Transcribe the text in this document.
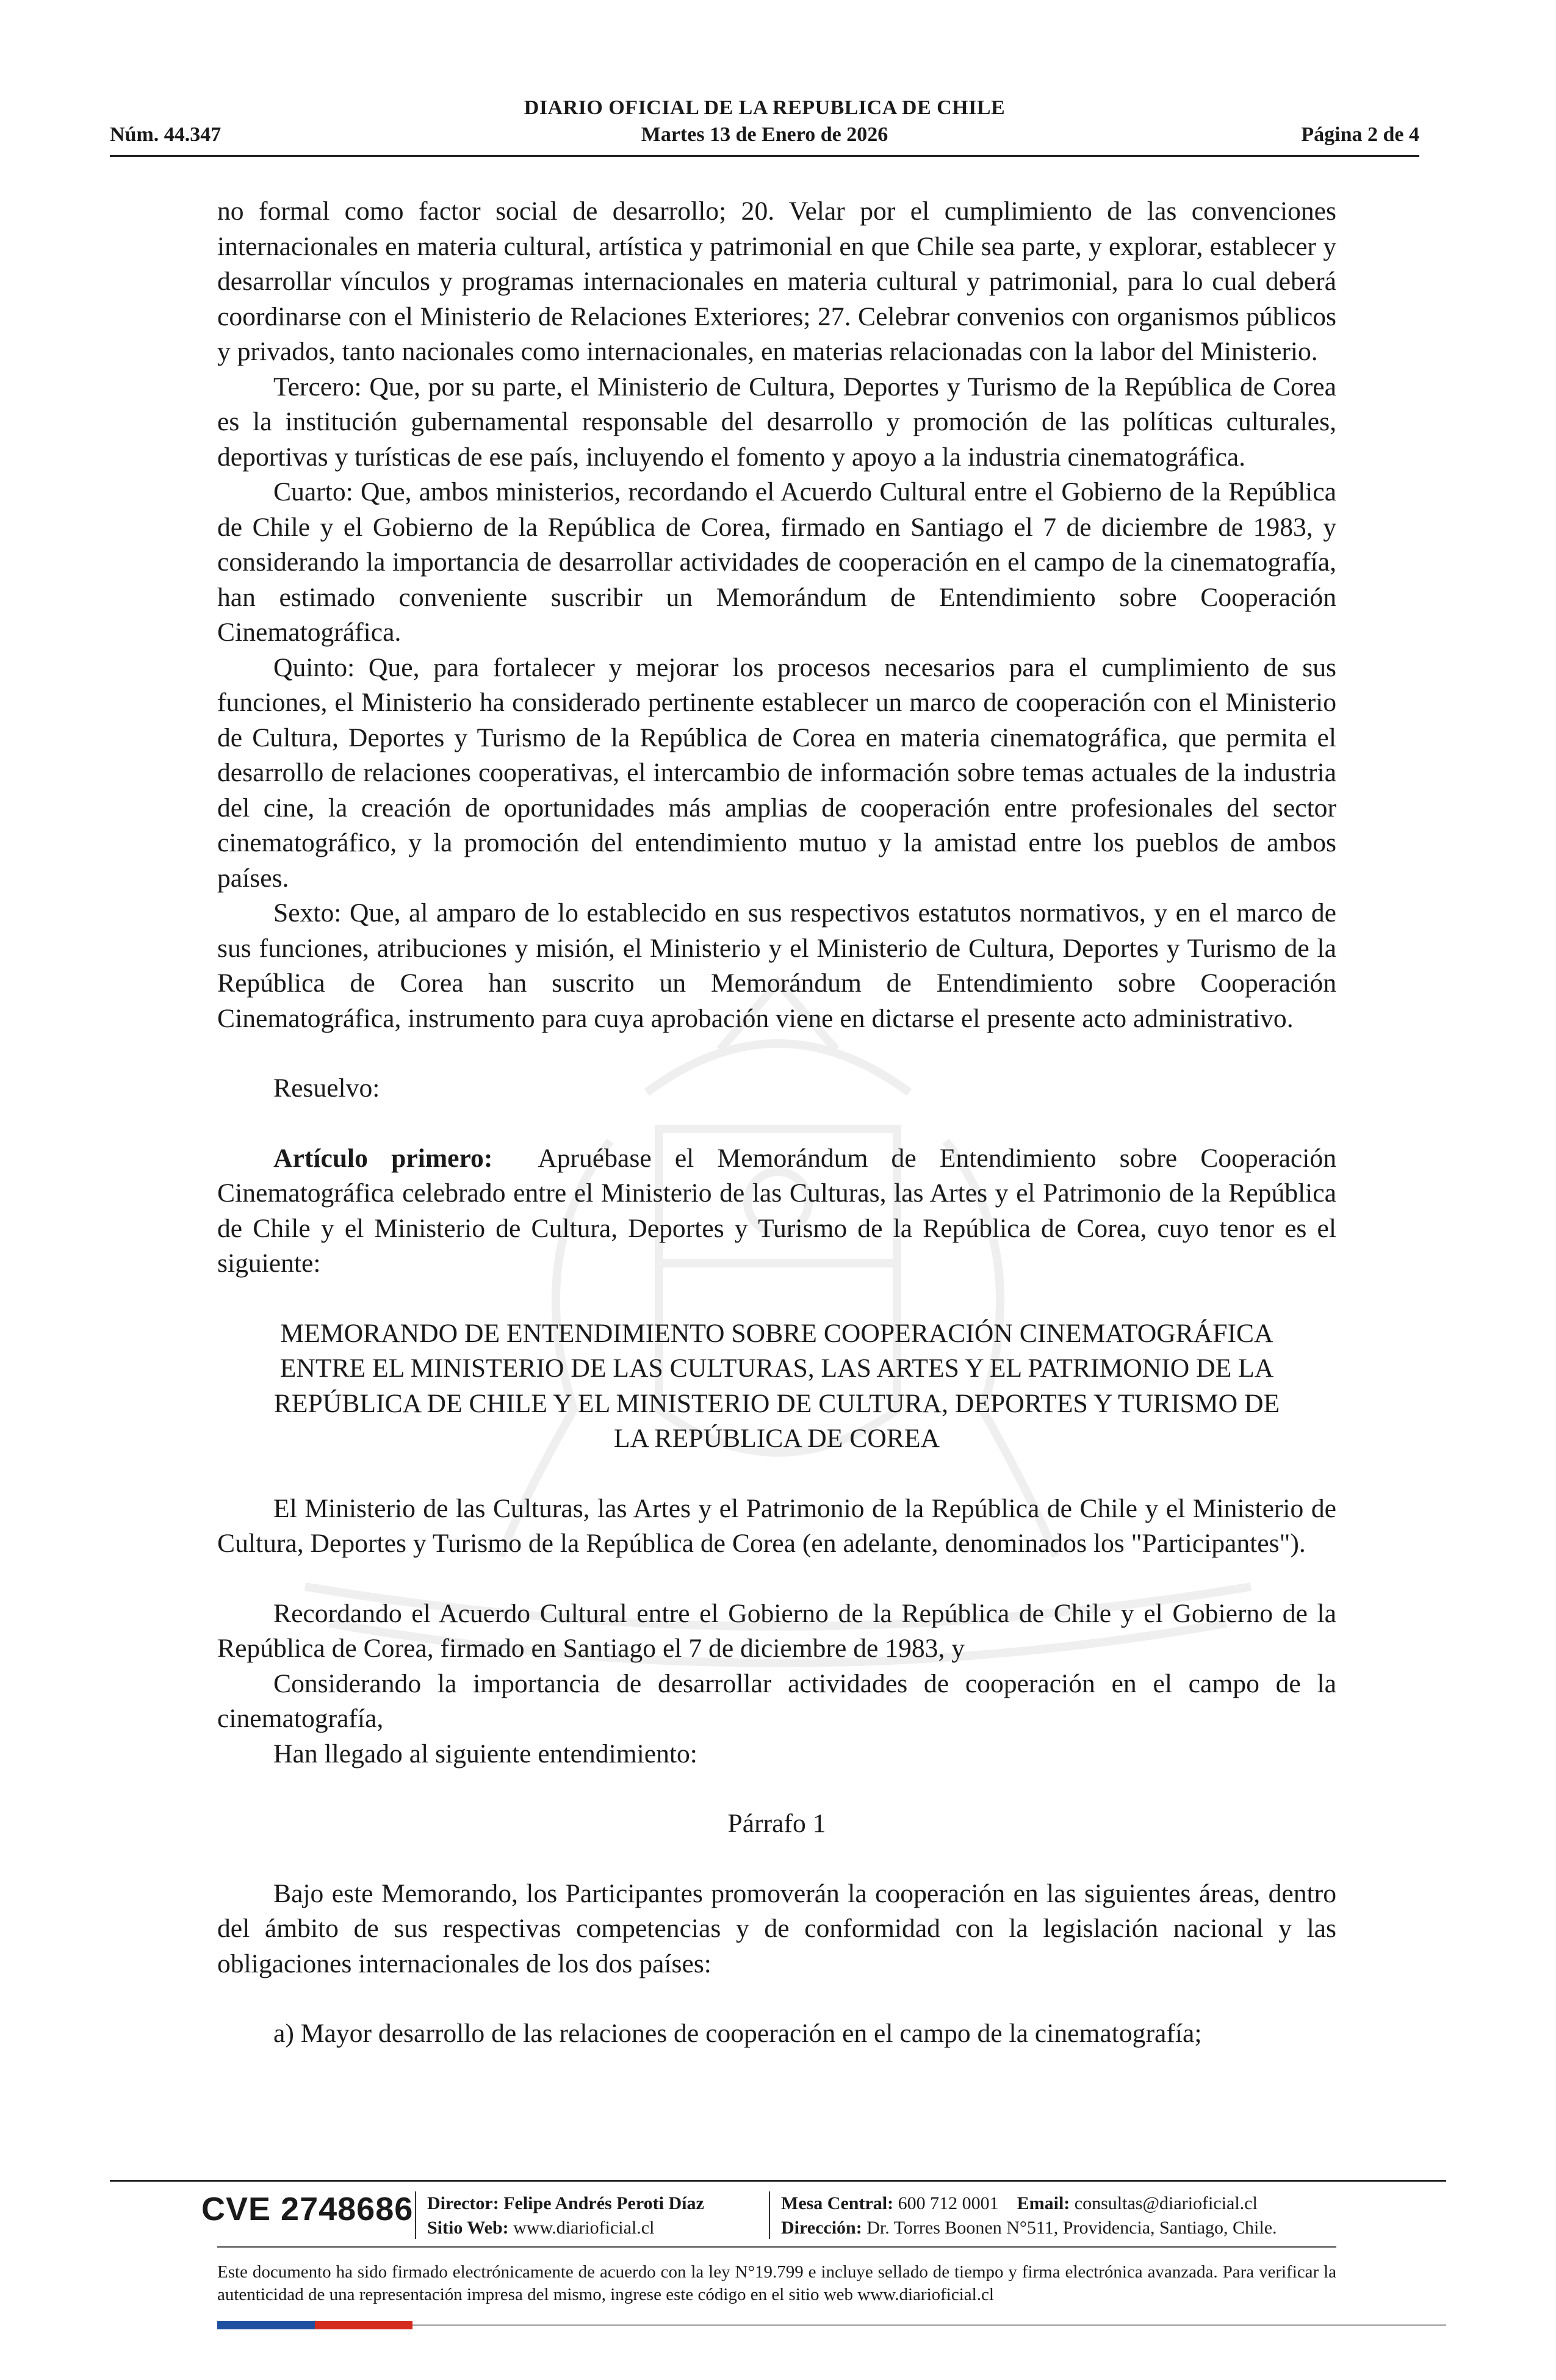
DIARIO OFICIAL DE LA REPUBLICA DE CHILE
Núm. 44.347	Martes 13 de Enero de 2026	Página 2 de 4

no formal como factor social de desarrollo; 20. Velar por el cumplimiento de las convenciones internacionales en materia cultural, artística y patrimonial en que Chile sea parte, y explorar, establecer y desarrollar vínculos y programas internacionales en materia cultural y patrimonial, para lo cual deberá coordinarse con el Ministerio de Relaciones Exteriores; 27. Celebrar convenios con organismos públicos y privados, tanto nacionales como internacionales, en materias relacionadas con la labor del Ministerio.

Tercero: Que, por su parte, el Ministerio de Cultura, Deportes y Turismo de la República de Corea es la institución gubernamental responsable del desarrollo y promoción de las políticas culturales, deportivas y turísticas de ese país, incluyendo el fomento y apoyo a la industria cinematográfica.

Cuarto: Que, ambos ministerios, recordando el Acuerdo Cultural entre el Gobierno de la República de Chile y el Gobierno de la República de Corea, firmado en Santiago el 7 de diciembre de 1983, y considerando la importancia de desarrollar actividades de cooperación en el campo de la cinematografía, han estimado conveniente suscribir un Memorándum de Entendimiento sobre Cooperación Cinematográfica.

Quinto: Que, para fortalecer y mejorar los procesos necesarios para el cumplimiento de sus funciones, el Ministerio ha considerado pertinente establecer un marco de cooperación con el Ministerio de Cultura, Deportes y Turismo de la República de Corea en materia cinematográfica, que permita el desarrollo de relaciones cooperativas, el intercambio de información sobre temas actuales de la industria del cine, la creación de oportunidades más amplias de cooperación entre profesionales del sector cinematográfico, y la promoción del entendimiento mutuo y la amistad entre los pueblos de ambos países.

Sexto: Que, al amparo de lo establecido en sus respectivos estatutos normativos, y en el marco de sus funciones, atribuciones y misión, el Ministerio y el Ministerio de Cultura, Deportes y Turismo de la República de Corea han suscrito un Memorándum de Entendimiento sobre Cooperación Cinematográfica, instrumento para cuya aprobación viene en dictarse el presente acto administrativo.

Resuelvo:

Artículo primero: Apruébase el Memorándum de Entendimiento sobre Cooperación Cinematográfica celebrado entre el Ministerio de las Culturas, las Artes y el Patrimonio de la República de Chile y el Ministerio de Cultura, Deportes y Turismo de la República de Corea, cuyo tenor es el siguiente:

MEMORANDO DE ENTENDIMIENTO SOBRE COOPERACIÓN CINEMATOGRÁFICA

ENTRE EL MINISTERIO DE LAS CULTURAS, LAS ARTES Y EL PATRIMONIO DE LA

REPÚBLICA DE CHILE Y EL MINISTERIO DE CULTURA, DEPORTES Y TURISMO DE

LA REPÚBLICA DE COREA

El Ministerio de las Culturas, las Artes y el Patrimonio de la República de Chile y el Ministerio de Cultura, Deportes y Turismo de la República de Corea (en adelante, denominados los "Participantes").

Recordando el Acuerdo Cultural entre el Gobierno de la República de Chile y el Gobierno de la República de Corea, firmado en Santiago el 7 de diciembre de 1983, y

Considerando la importancia de desarrollar actividades de cooperación en el campo de la cinematografía,

Han llegado al siguiente entendimiento:

Párrafo 1

Bajo este Memorando, los Participantes promoverán la cooperación en las siguientes áreas, dentro del ámbito de sus respectivas competencias y de conformidad con la legislación nacional y las obligaciones internacionales de los dos países:

a) Mayor desarrollo de las relaciones de cooperación en el campo de la cinematografía;

CVE 2748686 Director: Felipe Andrés Peroti Díaz
Sitio Web: www.diarioficial.cl
Mesa Central: 600 712 0001 Email: consultas@diarioficial.cl
Dirección: Dr. Torres Boonen N°511, Providencia, Santiago, Chile.
Este documento ha sido firmado electrónicamente de acuerdo con la ley N°19.799 e incluye sellado de tiempo y firma electrónica avanzada. Para verificar la autenticidad de una representación impresa del mismo, ingrese este código en el sitio web www.diarioficial.cl
